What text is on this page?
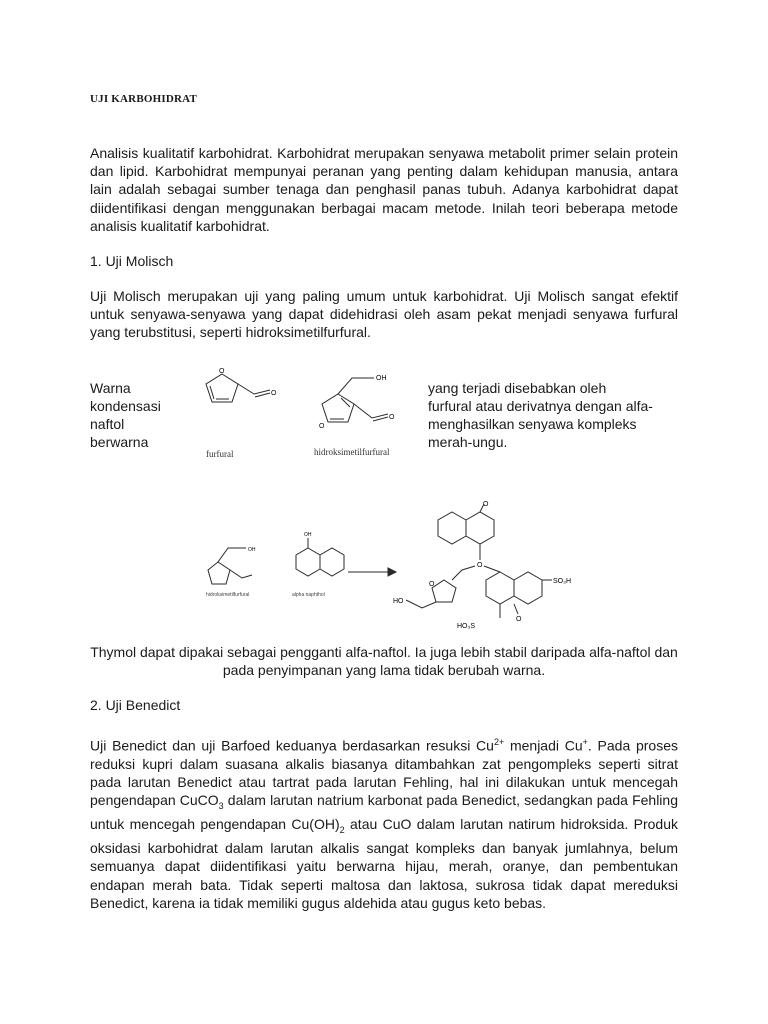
UJI KARBOHIDRAT
Analisis kualitatif karbohidrat. Karbohidrat merupakan senyawa metabolit primer selain protein dan lipid. Karbohidrat mempunyai peranan yang penting dalam kehidupan manusia, antara lain adalah sebagai sumber tenaga dan penghasil panas tubuh. Adanya karbohidrat dapat diidentifikasi dengan menggunakan berbagai macam metode. Inilah teori beberapa metode analisis kualitatif karbohidrat.
1. Uji Molisch
Uji Molisch merupakan uji yang paling umum untuk karbohidrat. Uji Molisch sangat efektif untuk senyawa-senyawa yang dapat didehidrasi oleh asam pekat menjadi senyawa furfural yang terubstitusi, seperti hidroksimetilfurfural.
Warna
kondensasi
naftol
berwarna
yang terjadi disebabkan oleh
furfural atau derivatnya dengan alfa-
menghasilkan senyawa kompleks
merah-ungu.
O
O
OH
O
O
furfural	hidroksimetilfurfural
OH
OH
O
O
O
HO
SO₃H
HO₃S
O
hidroksimetilfurfural	alpha naphthol
Thymol dapat dipakai sebagai pengganti alfa-naftol. Ia juga lebih stabil daripada alfa-naftol dan pada penyimpanan yang lama tidak berubah warna.
2. Uji Benedict
Uji Benedict dan uji Barfoed keduanya berdasarkan resuksi $Cu^{2+}$ menjadi Cu+. Pada proses reduksi kupri dalam suasana alkalis biasanya ditambahkan zat pengompleks seperti sitrat pada larutan Benedict atau tartrat pada larutan Fehling, hal ini dilakukan untuk mencegah pengendapan CuCO$_3$ dalam larutan natrium karbonat pada Benedict, sedangkan pada Fehling untuk mencegah pengendapan $Cu(OH)_2$ atau CuO dalam larutan natirum hidroksida. Produk oksidasi karbohidrat dalam larutan alkalis sangat kompleks dan banyak jumlahnya, belum semuanya dapat diidentifikasi yaitu berwarna hijau, merah, oranye, dan pembentukan endapan merah bata. Tidak seperti maltosa dan laktosa, sukrosa tidak dapat mereduksi Benedict, karena ia tidak memiliki gugus aldehida atau gugus keto bebas.
